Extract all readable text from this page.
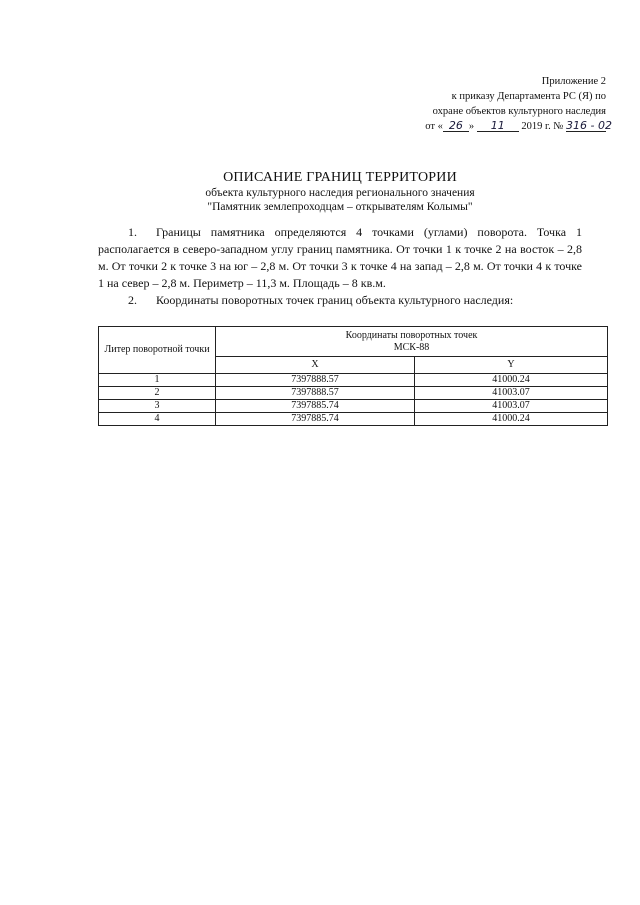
Приложение 2
к приказу Департамента РС (Я) по
охране объектов культурного наследия
от « 26 » 11 2019 г. № 316 - 02
ОПИСАНИЕ ГРАНИЦ ТЕРРИТОРИИ
объекта культурного наследия регионального значения
"Памятник землепроходцам – открывателям Колымы"
1. Границы памятника определяются 4 точками (углами) поворота. Точка 1 располагается в северо-западном углу границ памятника. От точки 1 к точке 2 на восток – 2,8 м. От точки 2 к точке 3 на юг – 2,8 м. От точки 3 к точке 4 на запад – 2,8 м. От точки 4 к точке 1 на север – 2,8 м. Периметр – 11,3 м. Площадь – 8 кв.м.
2. Координаты поворотных точек границ объекта культурного наследия:
Литер поворотной точки	Координаты поворотных точек
МСК-88	

	X	Y
1	7397888.57	41000.24
2	7397888.57	41003.07
3	7397885.74	41003.07
4	7397885.74	41000.24
